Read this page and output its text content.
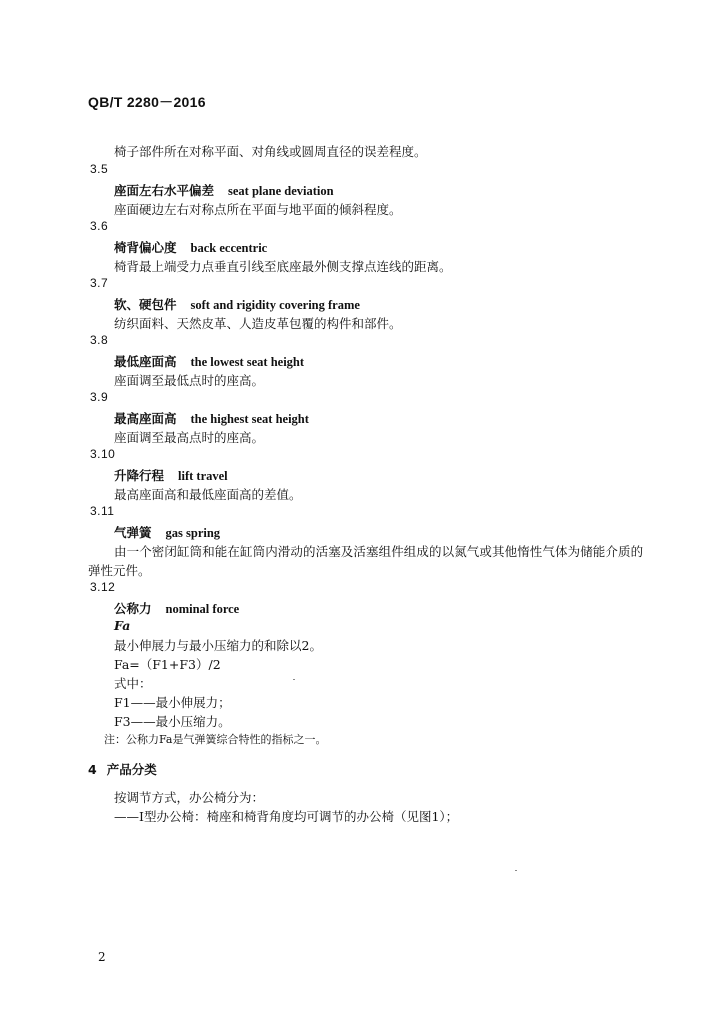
QB/T 2280－2016
椅子部件所在对称平面、对角线或圆周直径的误差程度。
3.5
座面左右水平偏差 seat plane deviation
座面硬边左右对称点所在平面与地平面的倾斜程度。
3.6
椅背偏心度 back eccentric
椅背最上端受力点垂直引线至底座最外侧支撑点连线的距离。
3.7
软、硬包件 soft and rigidity covering frame
纺织面料、天然皮革、人造皮革包覆的构件和部件。
3.8
最低座面高 the lowest seat height
座面调至最低点时的座高。
3.9
最高座面高 the highest seat height
座面调至最高点时的座高。
3.10
升降行程 lift travel
最高座面高和最低座面高的差值。
3.11
气弹簧 gas spring
由一个密闭缸筒和能在缸筒内滑动的活塞及活塞组件组成的以氮气或其他惰性气体为储能介质的
弹性元件。
3.12
公称力 nominal force
Fa
最小伸展力与最小压缩力的和除以2。
Fa=（F1+F3）/2
式中：
F1——最小伸展力；
F3——最小压缩力。
注：公称力Fa是气弹簧综合特性的指标之一。
4 产品分类
按调节方式，办公椅分为：
——Ⅰ型办公椅：椅座和椅背角度均可调节的办公椅（见图1）；
2
